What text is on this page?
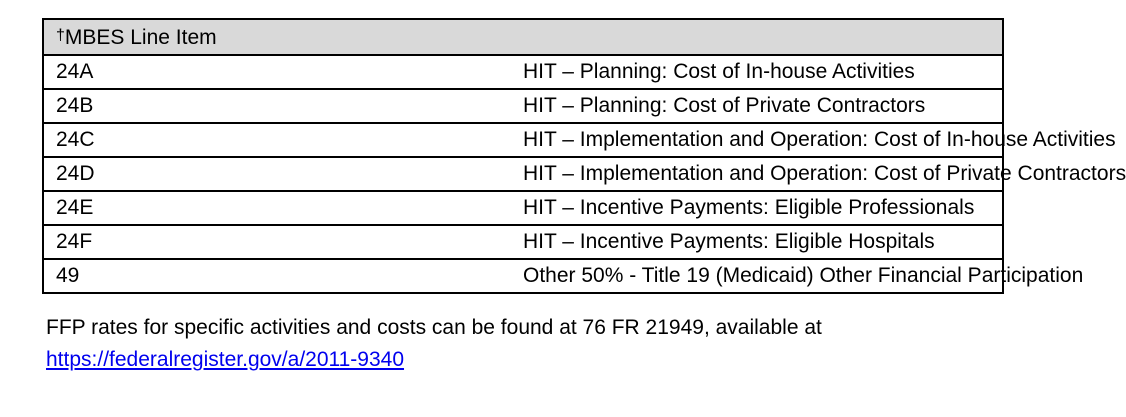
†MBES Line Item	
24A	HIT – Planning: Cost of In-house Activities
24B	HIT – Planning: Cost of Private Contractors
24C	HIT – Implementation and Operation: Cost of In-house Activities
24D	HIT – Implementation and Operation: Cost of Private Contractors
24E	HIT – Incentive Payments: Eligible Professionals
24F	HIT – Incentive Payments: Eligible Hospitals
49	Other 50% - Title 19 (Medicaid) Other Financial Participation
FFP rates for specific activities and costs can be found at 76 FR 21949, available at
https://federalregister.gov/a/2011-9340
